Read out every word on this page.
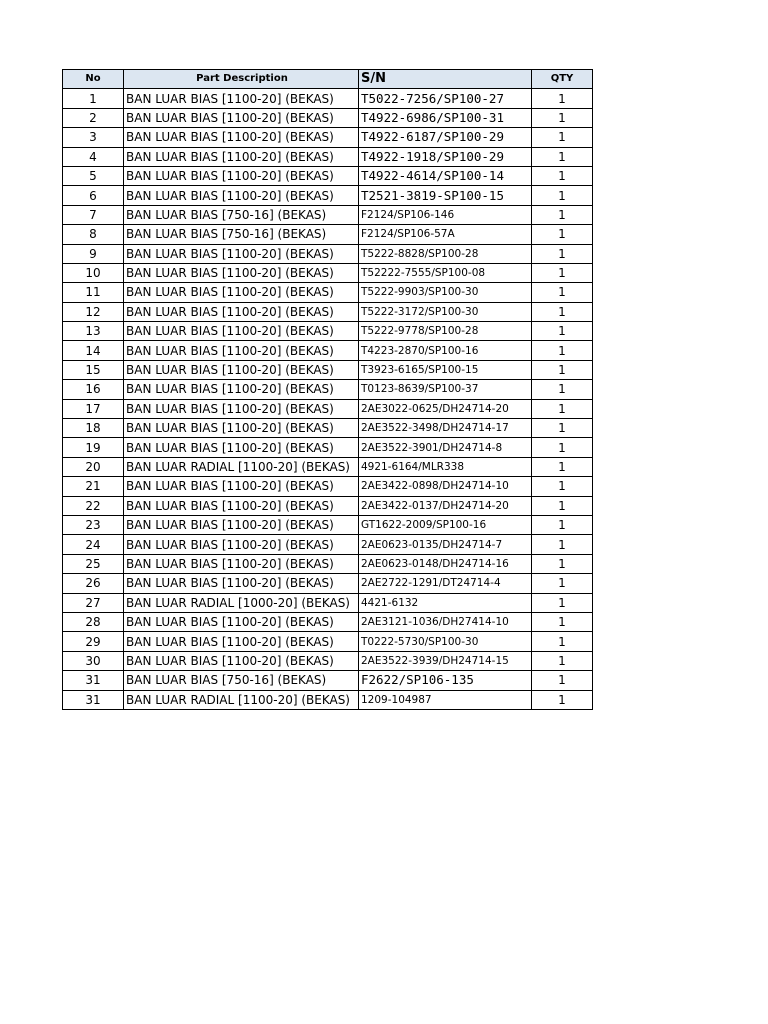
No	Part Description	S/N	QTY
1	BAN LUAR BIAS [1100-20] (BEKAS)	T5022-7256/SP100-27	1
2	BAN LUAR BIAS [1100-20] (BEKAS)	T4922-6986/SP100-31	1
3	BAN LUAR BIAS [1100-20] (BEKAS)	T4922-6187/SP100-29	1
4	BAN LUAR BIAS [1100-20] (BEKAS)	T4922-1918/SP100-29	1
5	BAN LUAR BIAS [1100-20] (BEKAS)	T4922-4614/SP100-14	1
6	BAN LUAR BIAS [1100-20] (BEKAS)	T2521-3819-SP100-15	1
7	BAN LUAR BIAS [750-16] (BEKAS)	F2124/SP106-146	1
8	BAN LUAR BIAS [750-16] (BEKAS)	F2124/SP106-57A	1
9	BAN LUAR BIAS [1100-20] (BEKAS)	T5222-8828/SP100-28	1
10	BAN LUAR BIAS [1100-20] (BEKAS)	T52222-7555/SP100-08	1
11	BAN LUAR BIAS [1100-20] (BEKAS)	T5222-9903/SP100-30	1
12	BAN LUAR BIAS [1100-20] (BEKAS)	T5222-3172/SP100-30	1
13	BAN LUAR BIAS [1100-20] (BEKAS)	T5222-9778/SP100-28	1
14	BAN LUAR BIAS [1100-20] (BEKAS)	T4223-2870/SP100-16	1
15	BAN LUAR BIAS [1100-20] (BEKAS)	T3923-6165/SP100-15	1
16	BAN LUAR BIAS [1100-20] (BEKAS)	T0123-8639/SP100-37	1
17	BAN LUAR BIAS [1100-20] (BEKAS)	2AE3022-0625/DH24714-20	1
18	BAN LUAR BIAS [1100-20] (BEKAS)	2AE3522-3498/DH24714-17	1
19	BAN LUAR BIAS [1100-20] (BEKAS)	2AE3522-3901/DH24714-8	1
20	BAN LUAR RADIAL [1100-20] (BEKAS)	4921-6164/MLR338	1
21	BAN LUAR BIAS [1100-20] (BEKAS)	2AE3422-0898/DH24714-10	1
22	BAN LUAR BIAS [1100-20] (BEKAS)	2AE3422-0137/DH24714-20	1
23	BAN LUAR BIAS [1100-20] (BEKAS)	GT1622-2009/SP100-16	1
24	BAN LUAR BIAS [1100-20] (BEKAS)	2AE0623-0135/DH24714-7	1
25	BAN LUAR BIAS [1100-20] (BEKAS)	2AE0623-0148/DH24714-16	1
26	BAN LUAR BIAS [1100-20] (BEKAS)	2AE2722-1291/DT24714-4	1
27	BAN LUAR RADIAL [1000-20] (BEKAS)	4421-6132	1
28	BAN LUAR BIAS [1100-20] (BEKAS)	2AE3121-1036/DH27414-10	1
29	BAN LUAR BIAS [1100-20] (BEKAS)	T0222-5730/SP100-30	1
30	BAN LUAR BIAS [1100-20] (BEKAS)	2AE3522-3939/DH24714-15	1
31	BAN LUAR BIAS [750-16] (BEKAS)	F2622/SP106-135	1
31	BAN LUAR RADIAL [1100-20] (BEKAS)	1209-104987	1
